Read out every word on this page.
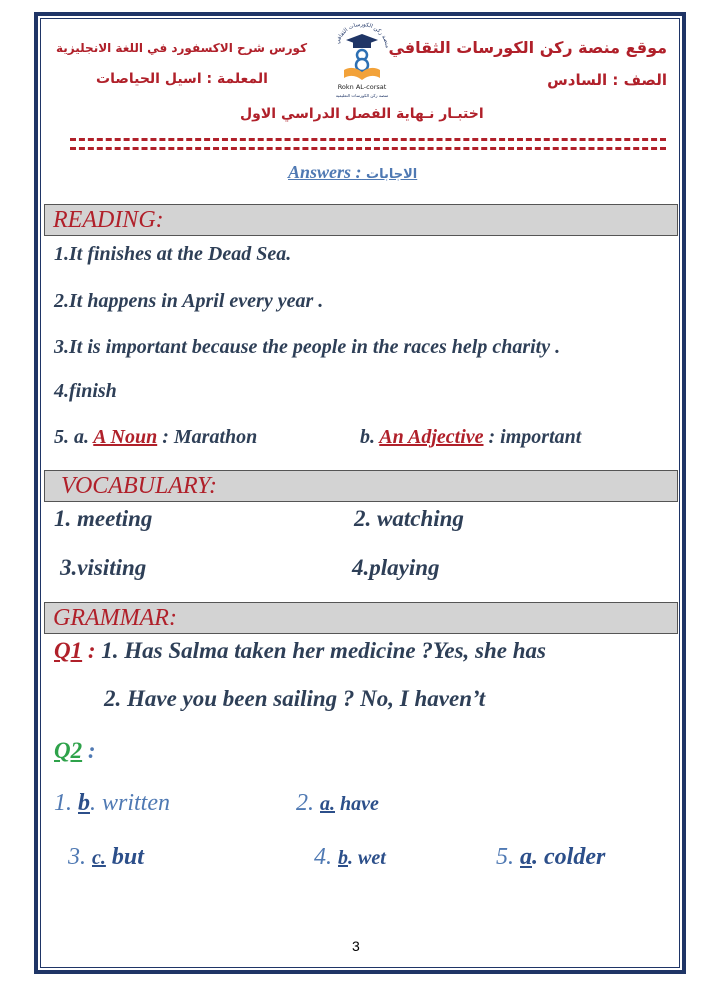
موقع منصة ركن الكورسات الثقافي
كورس شرح الاكسفورد في اللغة الانجليزية
الصف : السادس
المعلمة : اسيل الحياصات
اختبـار نـهاية الفصل الدراسي الاول
منصة ركن الكورسات الثقافي
Rokn AL-corsat
منصة ركن الكورسات التعليمية
Answers : الاجابات
READING:
1.It finishes at the Dead Sea.
2.It happens in April every year .
3.It is important because the people in the races help charity .
4.finish
5. a. A Noun : Marathon	b. An Adjective : important
VOCABULARY:
1. meeting	2. watching
3.visiting	4.playing
GRAMMAR:
Q1 : 1. Has Salma taken her medicine ?Yes, she has
2. Have you been sailing ? No, I haven’t
Q2 :
1. b. written	2. a. have
3. c. but	4. b. wet	5. a. colder
3
